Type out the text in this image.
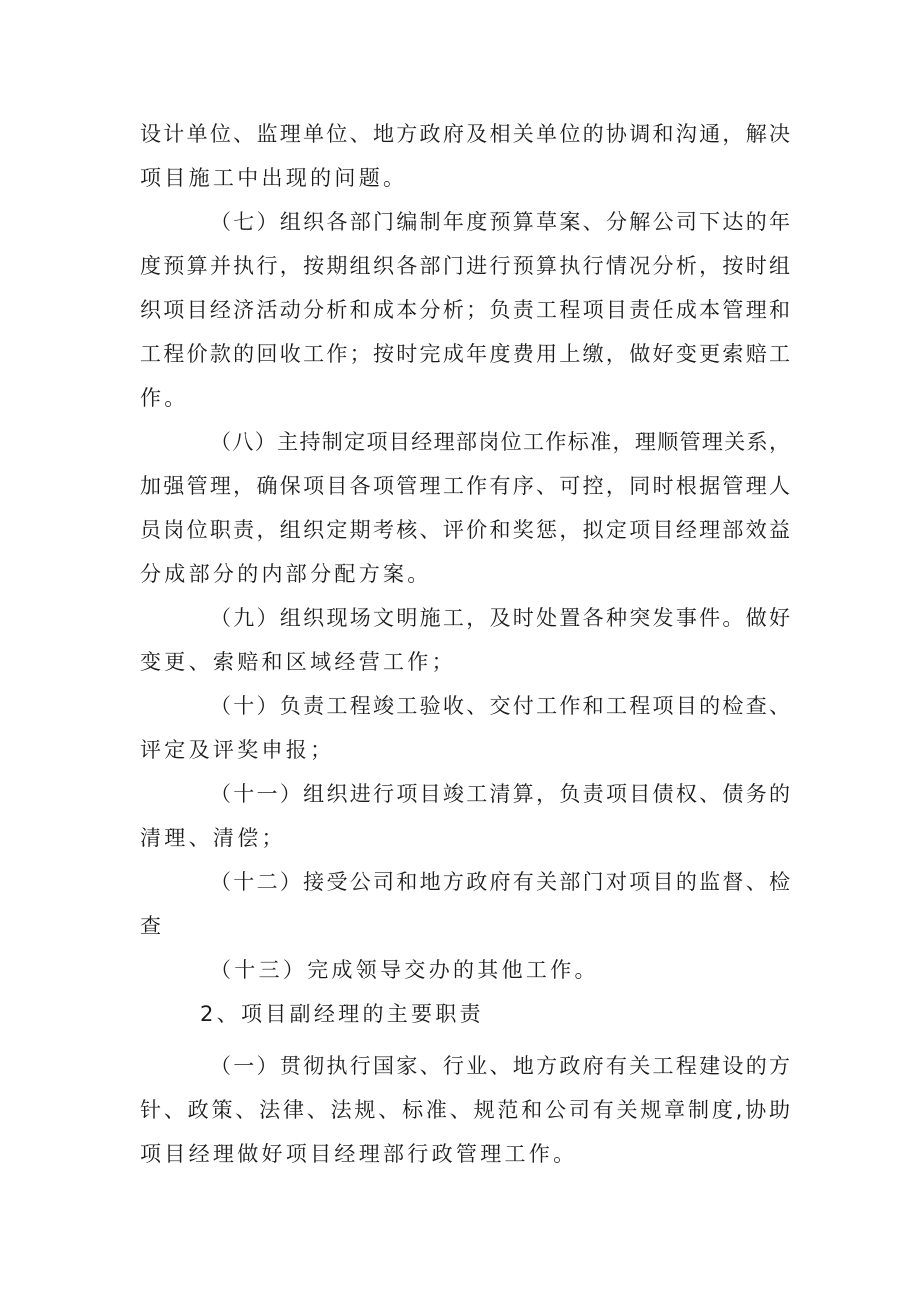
设计单位、监理单位、地方政府及相关单位的协调和沟通，解决
项目施工中出现的问题。
（七）组织各部门编制年度预算草案、分解公司下达的年
度预算并执行，按期组织各部门进行预算执行情况分析，按时组
织项目经济活动分析和成本分析；负责工程项目责任成本管理和
工程价款的回收工作；按时完成年度费用上缴，做好变更索赔工
作。
（八）主持制定项目经理部岗位工作标准，理顺管理关系，
加强管理，确保项目各项管理工作有序、可控，同时根据管理人
员岗位职责，组织定期考核、评价和奖惩，拟定项目经理部效益
分成部分的内部分配方案。
（九）组织现场文明施工，及时处置各种突发事件。做好
变更、索赔和区域经营工作；
（十）负责工程竣工验收、交付工作和工程项目的检查、
评定及评奖申报；
（十一）组织进行项目竣工清算，负责项目债权、债务的
清理、清偿；
（十二）接受公司和地方政府有关部门对项目的监督、检
查
（十三）完成领导交办的其他工作。
2、项目副经理的主要职责
（一）贯彻执行国家、行业、地方政府有关工程建设的方
针、政策、法律、法规、标准、规范和公司有关规章制度,协助
项目经理做好项目经理部行政管理工作。
